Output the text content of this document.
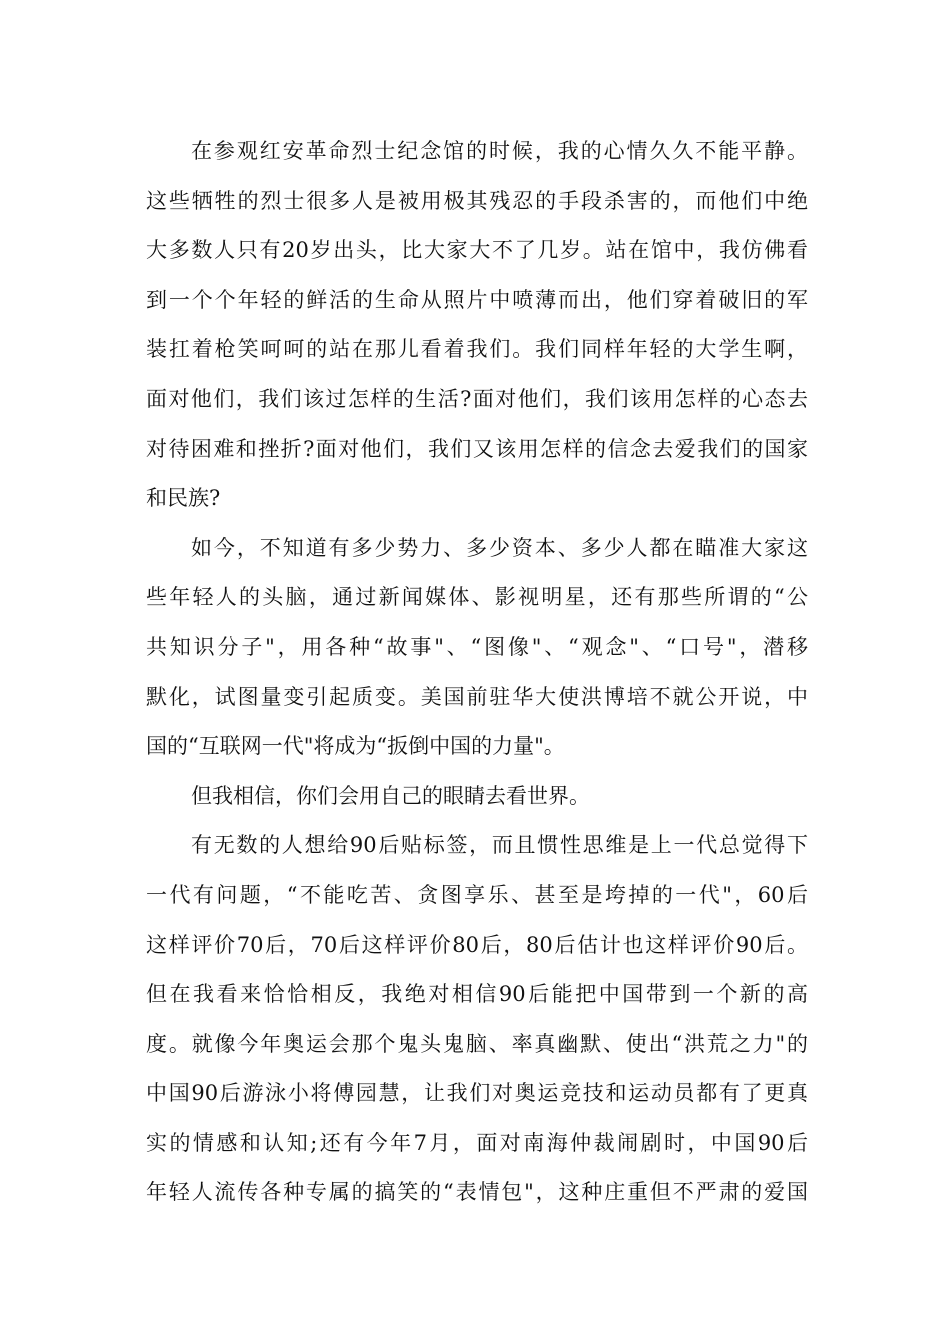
在参观红安革命烈士纪念馆的时候，我的心情久久不能平静。
这些牺牲的烈士很多人是被用极其残忍的手段杀害的，而他们中绝
大多数人只有20岁出头，比大家大不了几岁。站在馆中，我仿佛看
到一个个年轻的鲜活的生命从照片中喷薄而出，他们穿着破旧的军
装扛着枪笑呵呵的站在那儿看着我们。我们同样年轻的大学生啊，
面对他们，我们该过怎样的生活?面对他们，我们该用怎样的心态去
对待困难和挫折?面对他们，我们又该用怎样的信念去爱我们的国家
和民族?
如今，不知道有多少势力、多少资本、多少人都在瞄准大家这
些年轻人的头脑，通过新闻媒体、影视明星，还有那些所谓的“公
共知识分子"，用各种“故事"、“图像"、“观念"、“口号"，潜移
默化，试图量变引起质变。美国前驻华大使洪博培不就公开说，中
国的“互联网一代"将成为“扳倒中国的力量"。
但我相信，你们会用自己的眼睛去看世界。
有无数的人想给90后贴标签，而且惯性思维是上一代总觉得下
一代有问题，“不能吃苦、贪图享乐、甚至是垮掉的一代"，60后
这样评价70后，70后这样评价80后，80后估计也这样评价90后。
但在我看来恰恰相反，我绝对相信90后能把中国带到一个新的高
度。就像今年奥运会那个鬼头鬼脑、率真幽默、使出“洪荒之力"的
中国90后游泳小将傅园慧，让我们对奥运竞技和运动员都有了更真
实的情感和认知;还有今年7月，面对南海仲裁闹剧时，中国90后
年轻人流传各种专属的搞笑的“表情包"，这种庄重但不严肃的爱国
